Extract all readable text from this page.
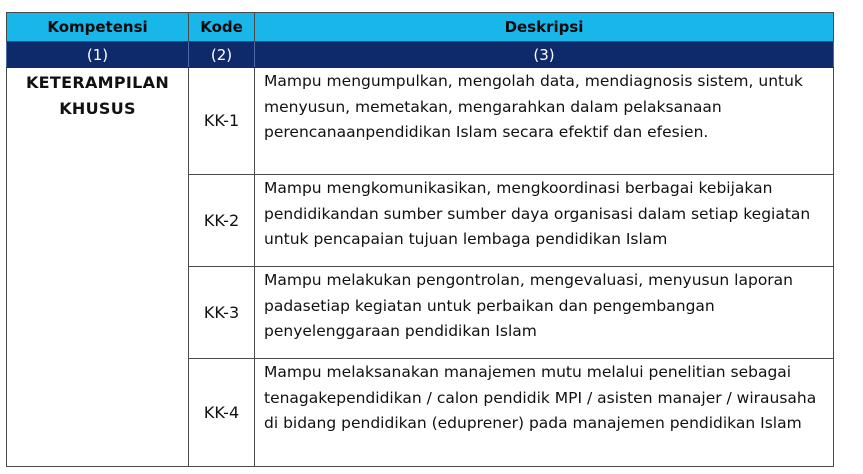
Kompetensi	Kode	Deskripsi
(1)	(2)	(3)
KETERAMPILAN KHUSUS	KK-1	Mampu mengumpulkan, mengolah data, mendiagnosis sistem, untuk menyusun, memetakan, mengarahkan dalam pelaksanaan perencanaanpendidikan Islam secara efektif dan efesien.
	KK-2	Mampu mengkomunikasikan, mengkoordinasi berbagai kebijakan pendidikandan sumber sumber daya organisasi dalam setiap kegiatan untuk pencapaian tujuan lembaga pendidikan Islam
	KK-3	Mampu melakukan pengontrolan, mengevaluasi, menyusun laporan padasetiap kegiatan untuk perbaikan dan pengembangan penyelenggaraan pendidikan Islam
	KK-4	Mampu melaksanakan manajemen mutu melalui penelitian sebagai tenagakependidikan / calon pendidik MPI / asisten manajer / wirausaha di bidang pendidikan (eduprener) pada manajemen pendidikan Islam
